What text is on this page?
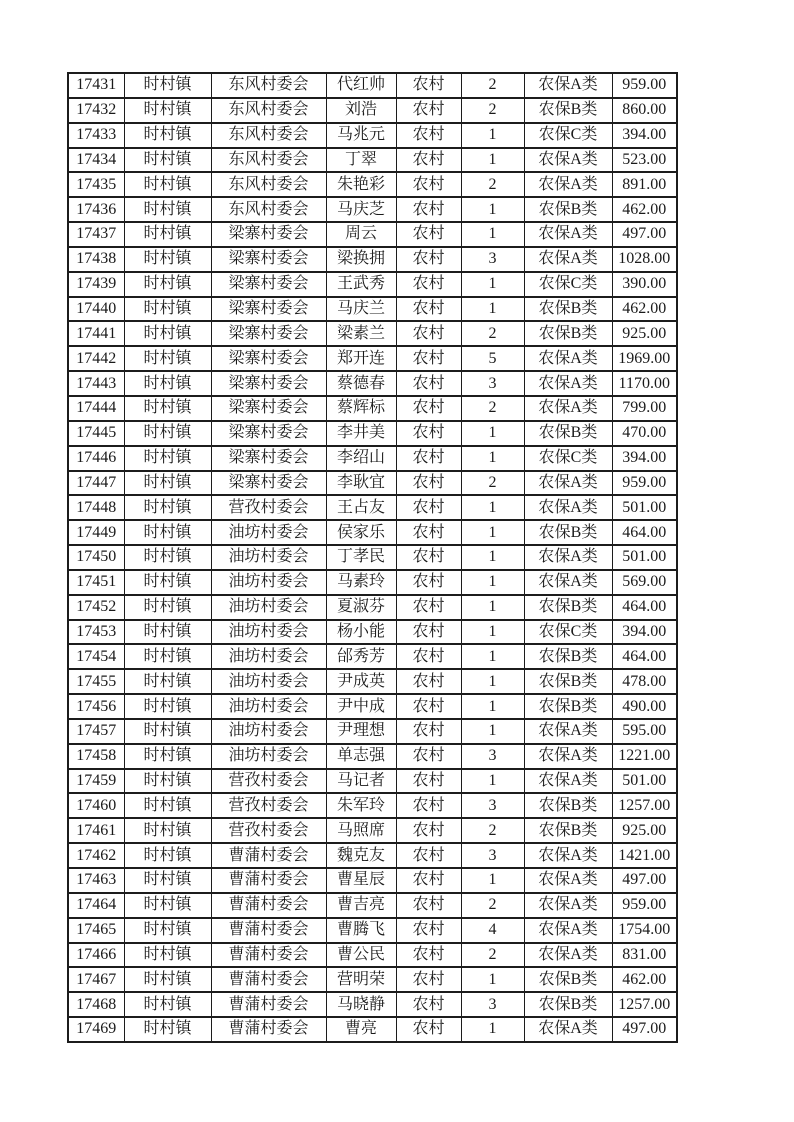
17431	时村镇	东风村委会	代红帅	农村	2	农保A类	959.00
17432	时村镇	东风村委会	刘浩	农村	2	农保B类	860.00
17433	时村镇	东风村委会	马兆元	农村	1	农保C类	394.00
17434	时村镇	东风村委会	丁翠	农村	1	农保A类	523.00
17435	时村镇	东风村委会	朱艳彩	农村	2	农保A类	891.00
17436	时村镇	东风村委会	马庆芝	农村	1	农保B类	462.00
17437	时村镇	梁寨村委会	周云	农村	1	农保A类	497.00
17438	时村镇	梁寨村委会	梁换拥	农村	3	农保A类	1028.00
17439	时村镇	梁寨村委会	王武秀	农村	1	农保C类	390.00
17440	时村镇	梁寨村委会	马庆兰	农村	1	农保B类	462.00
17441	时村镇	梁寨村委会	梁素兰	农村	2	农保B类	925.00
17442	时村镇	梁寨村委会	郑开连	农村	5	农保A类	1969.00
17443	时村镇	梁寨村委会	蔡德春	农村	3	农保A类	1170.00
17444	时村镇	梁寨村委会	蔡辉标	农村	2	农保A类	799.00
17445	时村镇	梁寨村委会	李井美	农村	1	农保B类	470.00
17446	时村镇	梁寨村委会	李绍山	农村	1	农保C类	394.00
17447	时村镇	梁寨村委会	李耿宜	农村	2	农保A类	959.00
17448	时村镇	营孜村委会	王占友	农村	1	农保A类	501.00
17449	时村镇	油坊村委会	侯家乐	农村	1	农保B类	464.00
17450	时村镇	油坊村委会	丁孝民	农村	1	农保A类	501.00
17451	时村镇	油坊村委会	马素玲	农村	1	农保A类	569.00
17452	时村镇	油坊村委会	夏淑芬	农村	1	农保B类	464.00
17453	时村镇	油坊村委会	杨小能	农村	1	农保C类	394.00
17454	时村镇	油坊村委会	邰秀芳	农村	1	农保B类	464.00
17455	时村镇	油坊村委会	尹成英	农村	1	农保B类	478.00
17456	时村镇	油坊村委会	尹中成	农村	1	农保B类	490.00
17457	时村镇	油坊村委会	尹理想	农村	1	农保A类	595.00
17458	时村镇	油坊村委会	单志强	农村	3	农保A类	1221.00
17459	时村镇	营孜村委会	马记者	农村	1	农保A类	501.00
17460	时村镇	营孜村委会	朱军玲	农村	3	农保B类	1257.00
17461	时村镇	营孜村委会	马照席	农村	2	农保B类	925.00
17462	时村镇	曹蒲村委会	魏克友	农村	3	农保A类	1421.00
17463	时村镇	曹蒲村委会	曹星辰	农村	1	农保A类	497.00
17464	时村镇	曹蒲村委会	曹吉亮	农村	2	农保A类	959.00
17465	时村镇	曹蒲村委会	曹腾飞	农村	4	农保A类	1754.00
17466	时村镇	曹蒲村委会	曹公民	农村	2	农保A类	831.00
17467	时村镇	曹蒲村委会	营明荣	农村	1	农保B类	462.00
17468	时村镇	曹蒲村委会	马晓静	农村	3	农保B类	1257.00
17469	时村镇	曹蒲村委会	曹亮	农村	1	农保A类	497.00
